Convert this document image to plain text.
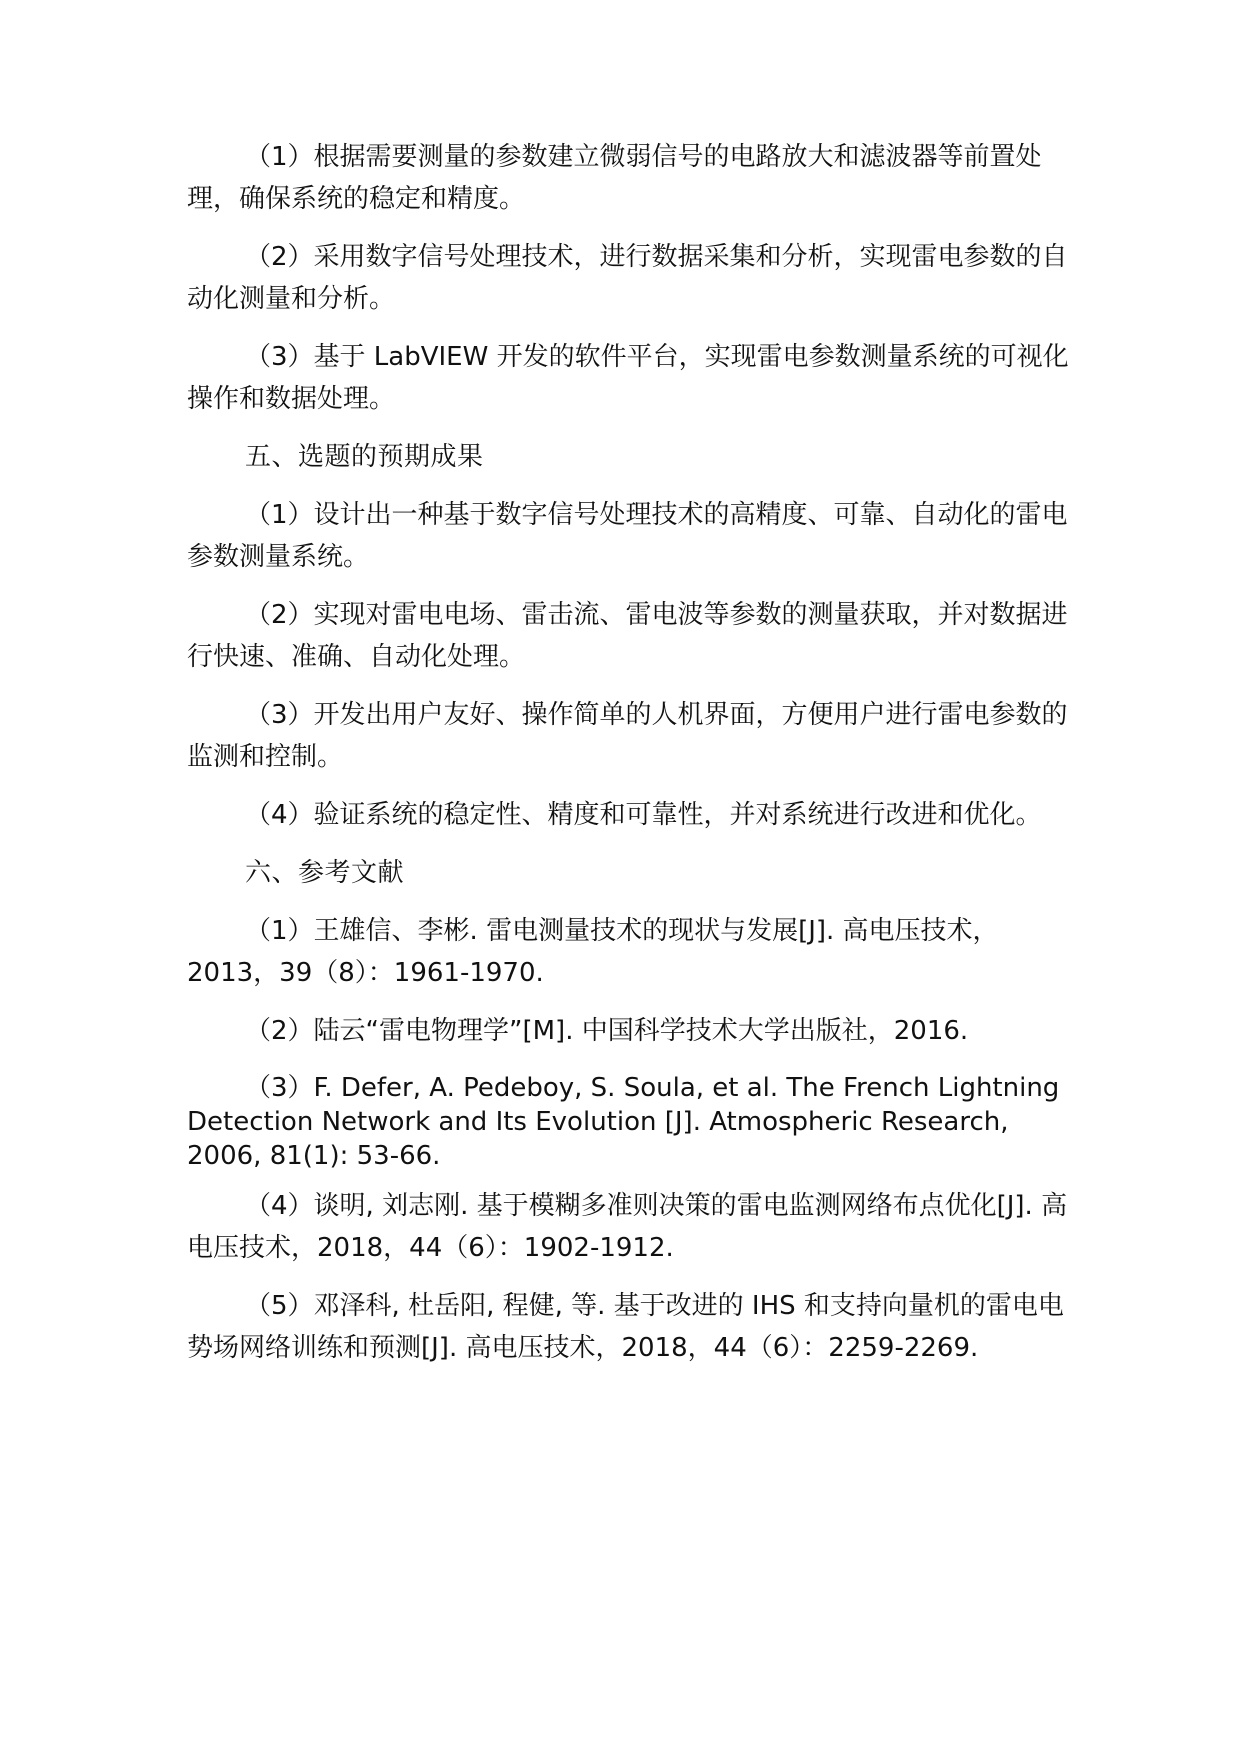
（1）根据需要测量的参数建立微弱信号的电路放大和滤波器等前置处理，确保系统的稳定和精度。

（2）采用数字信号处理技术，进行数据采集和分析，实现雷电参数的自动化测量和分析。

（3）基于 LabVIEW 开发的软件平台，实现雷电参数测量系统的可视化操作和数据处理。

五、选题的预期成果

（1）设计出一种基于数字信号处理技术的高精度、可靠、自动化的雷电参数测量系统。

（2）实现对雷电电场、雷击流、雷电波等参数的测量获取，并对数据进行快速、准确、自动化处理。

（3）开发出用户友好、操作简单的人机界面，方便用户进行雷电参数的监测和控制。

（4）验证系统的稳定性、精度和可靠性，并对系统进行改进和优化。

六、参考文献

（1）王雄信、李彬. 雷电测量技术的现状与发展[J]. 高电压技术，2013，39（8）：1961-1970.

（2）陆云“雷电物理学”[M]. 中国科学技术大学出版社，2016.

（3）F. Defer, A. Pedeboy, S. Soula, et al. The French Lightning Detection Network and Its Evolution [J]. Atmospheric Research, 2006, 81(1): 53-66.

（4）谈明, 刘志刚. 基于模糊多准则决策的雷电监测网络布点优化[J]. 高电压技术，2018，44（6）：1902-1912.

（5）邓泽科, 杜岳阳, 程健, 等. 基于改进的 IHS 和支持向量机的雷电电势场网络训练和预测[J]. 高电压技术，2018，44（6）：2259-2269.
